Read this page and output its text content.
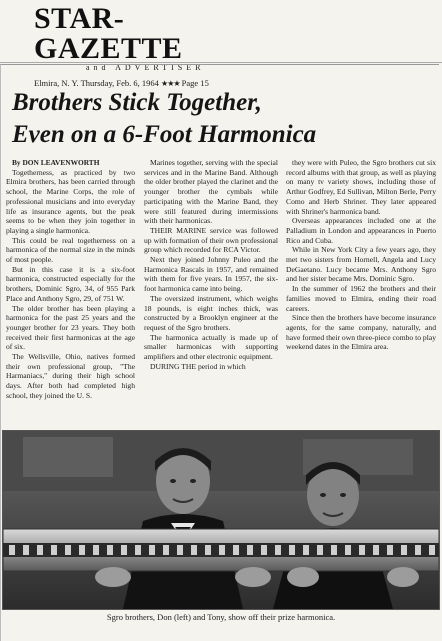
STAR-GAZETTE
and ADVERTISER
Elmira, N. Y. Thursday, Feb. 6, 1964 ★★★ Page 15
Brothers Stick Together,
Even on a 6-Foot Harmonica
By DON LEAVENWORTH
Togetherness, as practiced by two Elmira brothers, has been carried through school, the Marine Corps, the role of professional musicians and into everyday life as insurance agents, but the peak seems to be when they join together in playing a single harmonica.
This could be real togetherness on a harmonica of the normal size in the minds of most people.
But in this case it is a six-foot harmonica, constructed especially for the brothers, Dominic Sgro, 34, of 955 Park Place and Anthony Sgro, 29, of 751 W.
The older brother has been playing a harmonica for the past 25 years and the younger brother for 23 years. They both received their first harmonicas at the age of six.
The Wellsville, Ohio, natives formed their own professional group, "The Harmaniacs," during their high school days. After both had completed high school, they joined the U. S.
Marines together, serving with the special services and in the Marine Band. Although the older brother played the clarinet and the younger brother the cymbals while participating with the Marine Band, they were still featured during intermissions with their harmonicas.
THEIR MARINE service was followed up with formation of their own professional group which recorded for RCA Victor.
Next they joined Johnny Puleo and the Harmonica Rascals in 1957, and remained with them for five years. In 1957, the six-foot harmonica came into being.
The oversized instrument, which weighs 18 pounds, is eight inches thick, was constructed by a Brooklyn engineer at the request of the Sgro brothers.
The harmonica actually is made up of smaller harmonicas with supporting amplifiers and other electronic equipment.
DURING THE period in which
they were with Puleo, the Sgro brothers cut six record albums with that group, as well as playing on many tv variety shows, including those of Arthur Godfrey, Ed Sullivan, Milton Berle, Perry Como and Herb Shriner. They later appeared with Shriner's harmonica band.
Overseas appearances included one at the Palladium in London and appearances in Puerto Rico and Cuba.
While in New York City a few years ago, they met two sisters from Hornell, Angela and Lucy DeGaetano. Lucy became Mrs. Anthony Sgro and her sister became Mrs. Dominic Sgro.
In the summer of 1962 the brothers and their families moved to Elmira, ending their road careers.
Since then the brothers have become insurance agents, for the same company, naturally, and have formed their own three-piece combo to play weekend dates in the Elmira area.
Sgro brothers, Don (left) and Tony, show off their prize harmonica.
